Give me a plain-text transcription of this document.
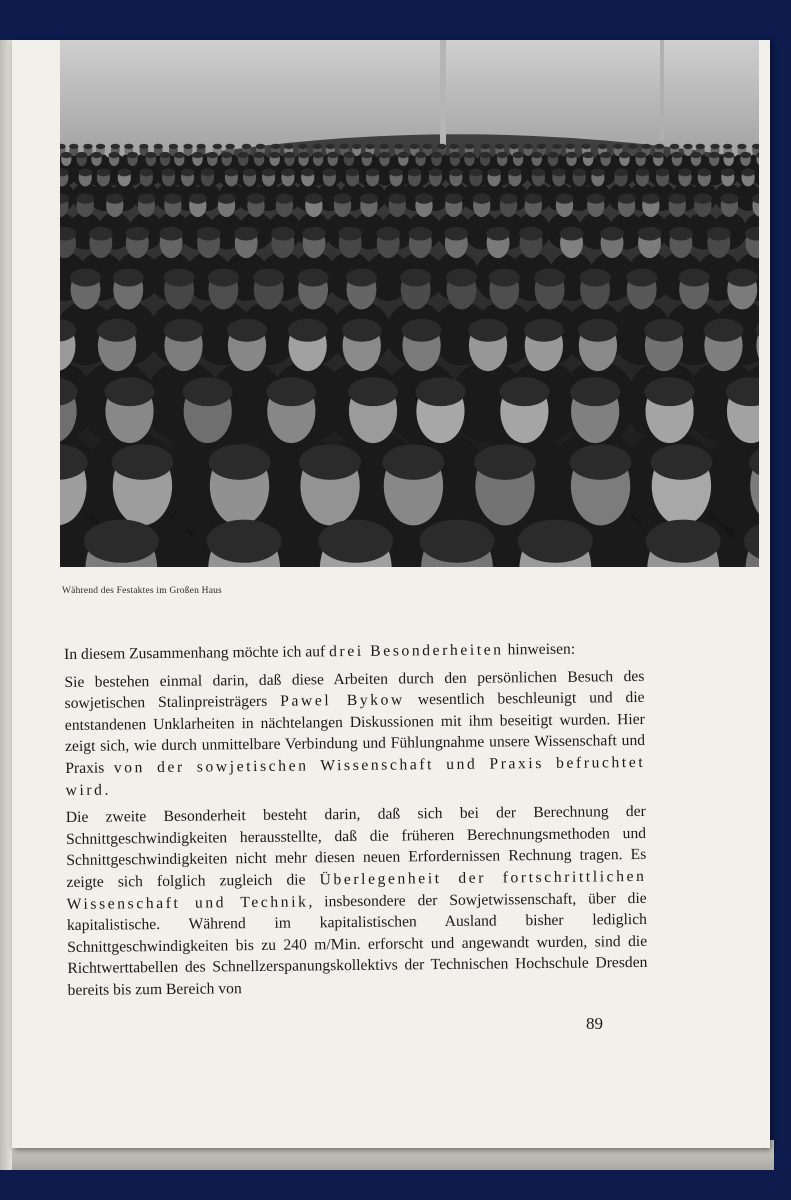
Während des Festaktes im Großen Haus

In diesem Zusammenhang möchte ich auf drei Besonderheiten hinweisen:

Sie bestehen einmal darin, daß diese Arbeiten durch den persönlichen Besuch des sowjetischen Stalinpreisträgers Pawel Bykow wesentlich beschleunigt und die entstandenen Unklarheiten in nächtelangen Diskussionen mit ihm beseitigt wurden. Hier zeigt sich, wie durch unmittelbare Verbindung und Fühlungnahme unsere Wissenschaft und Praxis von der sowjetischen Wissenschaft und Praxis befruchtet wird.

Die zweite Besonderheit besteht darin, daß sich bei der Berechnung der Schnittgeschwindigkeiten herausstellte, daß die früheren Berechnungsmethoden und Schnittgeschwindigkeiten nicht mehr diesen neuen Erfordernissen Rechnung tragen. Es zeigte sich folglich zugleich die Überlegenheit der fortschrittlichen Wissenschaft und Technik, insbesondere der Sowjetwissenschaft, über die kapitalistische. Während im kapitalistischen Ausland bisher lediglich Schnittgeschwindigkeiten bis zu 240 m/Min. erforscht und angewandt wurden, sind die Richtwerttabellen des Schnellzerspanungskollektivs der Technischen Hochschule Dresden bereits bis zum Bereich von

89
